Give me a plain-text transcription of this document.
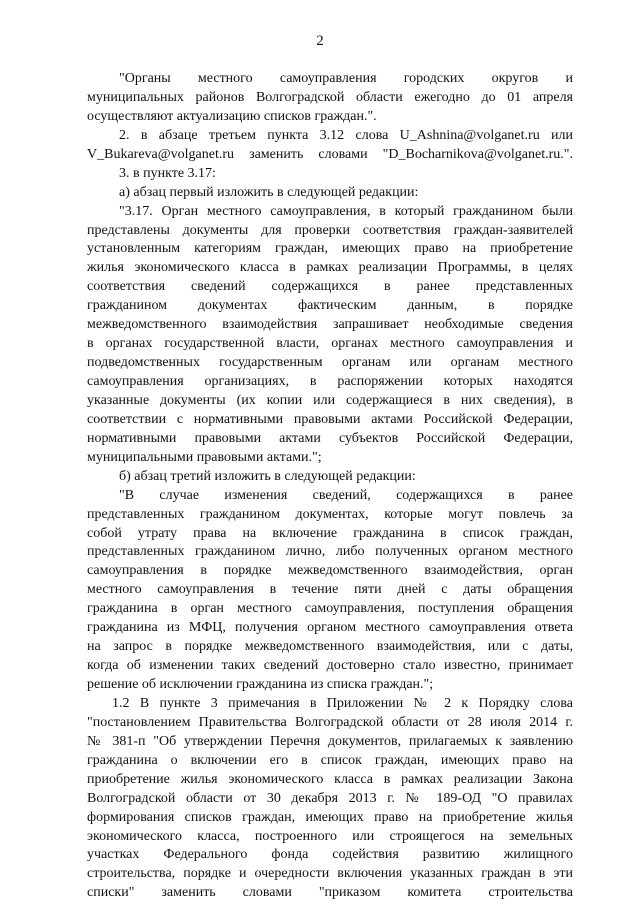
2
"Органы местного самоуправления городских округов и
муниципальных районов Волгоградской области ежегодно до 01 апреля
осуществляют актуализацию списков граждан.".
2. в абзаце третьем пункта 3.12 слова U_Ashnina@volganet.ru или
V_Bukareva@volganet.ru заменить словами "D_Bocharnikova@volganet.ru.".
3. в пункте 3.17:
а) абзац первый изложить в следующей редакции:
"3.17. Орган местного самоуправления, в который гражданином были
представлены документы для проверки соответствия граждан-заявителей
установленным категориям граждан, имеющих право на приобретение
жилья экономического класса в рамках реализации Программы, в целях
соответствия сведений содержащихся в ранее представленных
гражданином документах фактическим данным, в порядке
межведомственного взаимодействия запрашивает необходимые сведения
в органах государственной власти, органах местного самоуправления и
подведомственных государственным органам или органам местного
самоуправления организациях, в распоряжении которых находятся
указанные документы (их копии или содержащиеся в них сведения), в
соответствии с нормативными правовыми актами Российской Федерации,
нормативными правовыми актами субъектов Российской Федерации,
муниципальными правовыми актами.";
б) абзац третий изложить в следующей редакции:
"В случае изменения сведений, содержащихся в ранее
представленных гражданином документах, которые могут повлечь за
собой утрату права на включение гражданина в список граждан,
представленных гражданином лично, либо полученных органом местного
самоуправления в порядке межведомственного взаимодействия, орган
местного самоуправления в течение пяти дней с даты обращения
гражданина в орган местного самоуправления, поступления обращения
гражданина из МФЦ, получения органом местного самоуправления ответа
на запрос в порядке межведомственного взаимодействия, или с даты,
когда об изменении таких сведений достоверно стало известно, принимает
решение об исключении гражданина из списка граждан.";
1.2 В пункте 3 примечания в Приложении № 2 к Порядку слова
"постановлением Правительства Волгоградской области от 28 июля 2014 г.
№ 381-п "Об утверждении Перечня документов, прилагаемых к заявлению
гражданина о включении его в список граждан, имеющих право на
приобретение жилья экономического класса в рамках реализации Закона
Волгоградской области от 30 декабря 2013 г. № 189-ОД "О правилах
формирования списков граждан, имеющих право на приобретение жилья
экономического класса, построенного или строящегося на земельных
участках Федерального фонда содействия развитию жилищного
строительства, порядке и очередности включения указанных граждан в эти
списки" заменить словами "приказом комитета строительства
